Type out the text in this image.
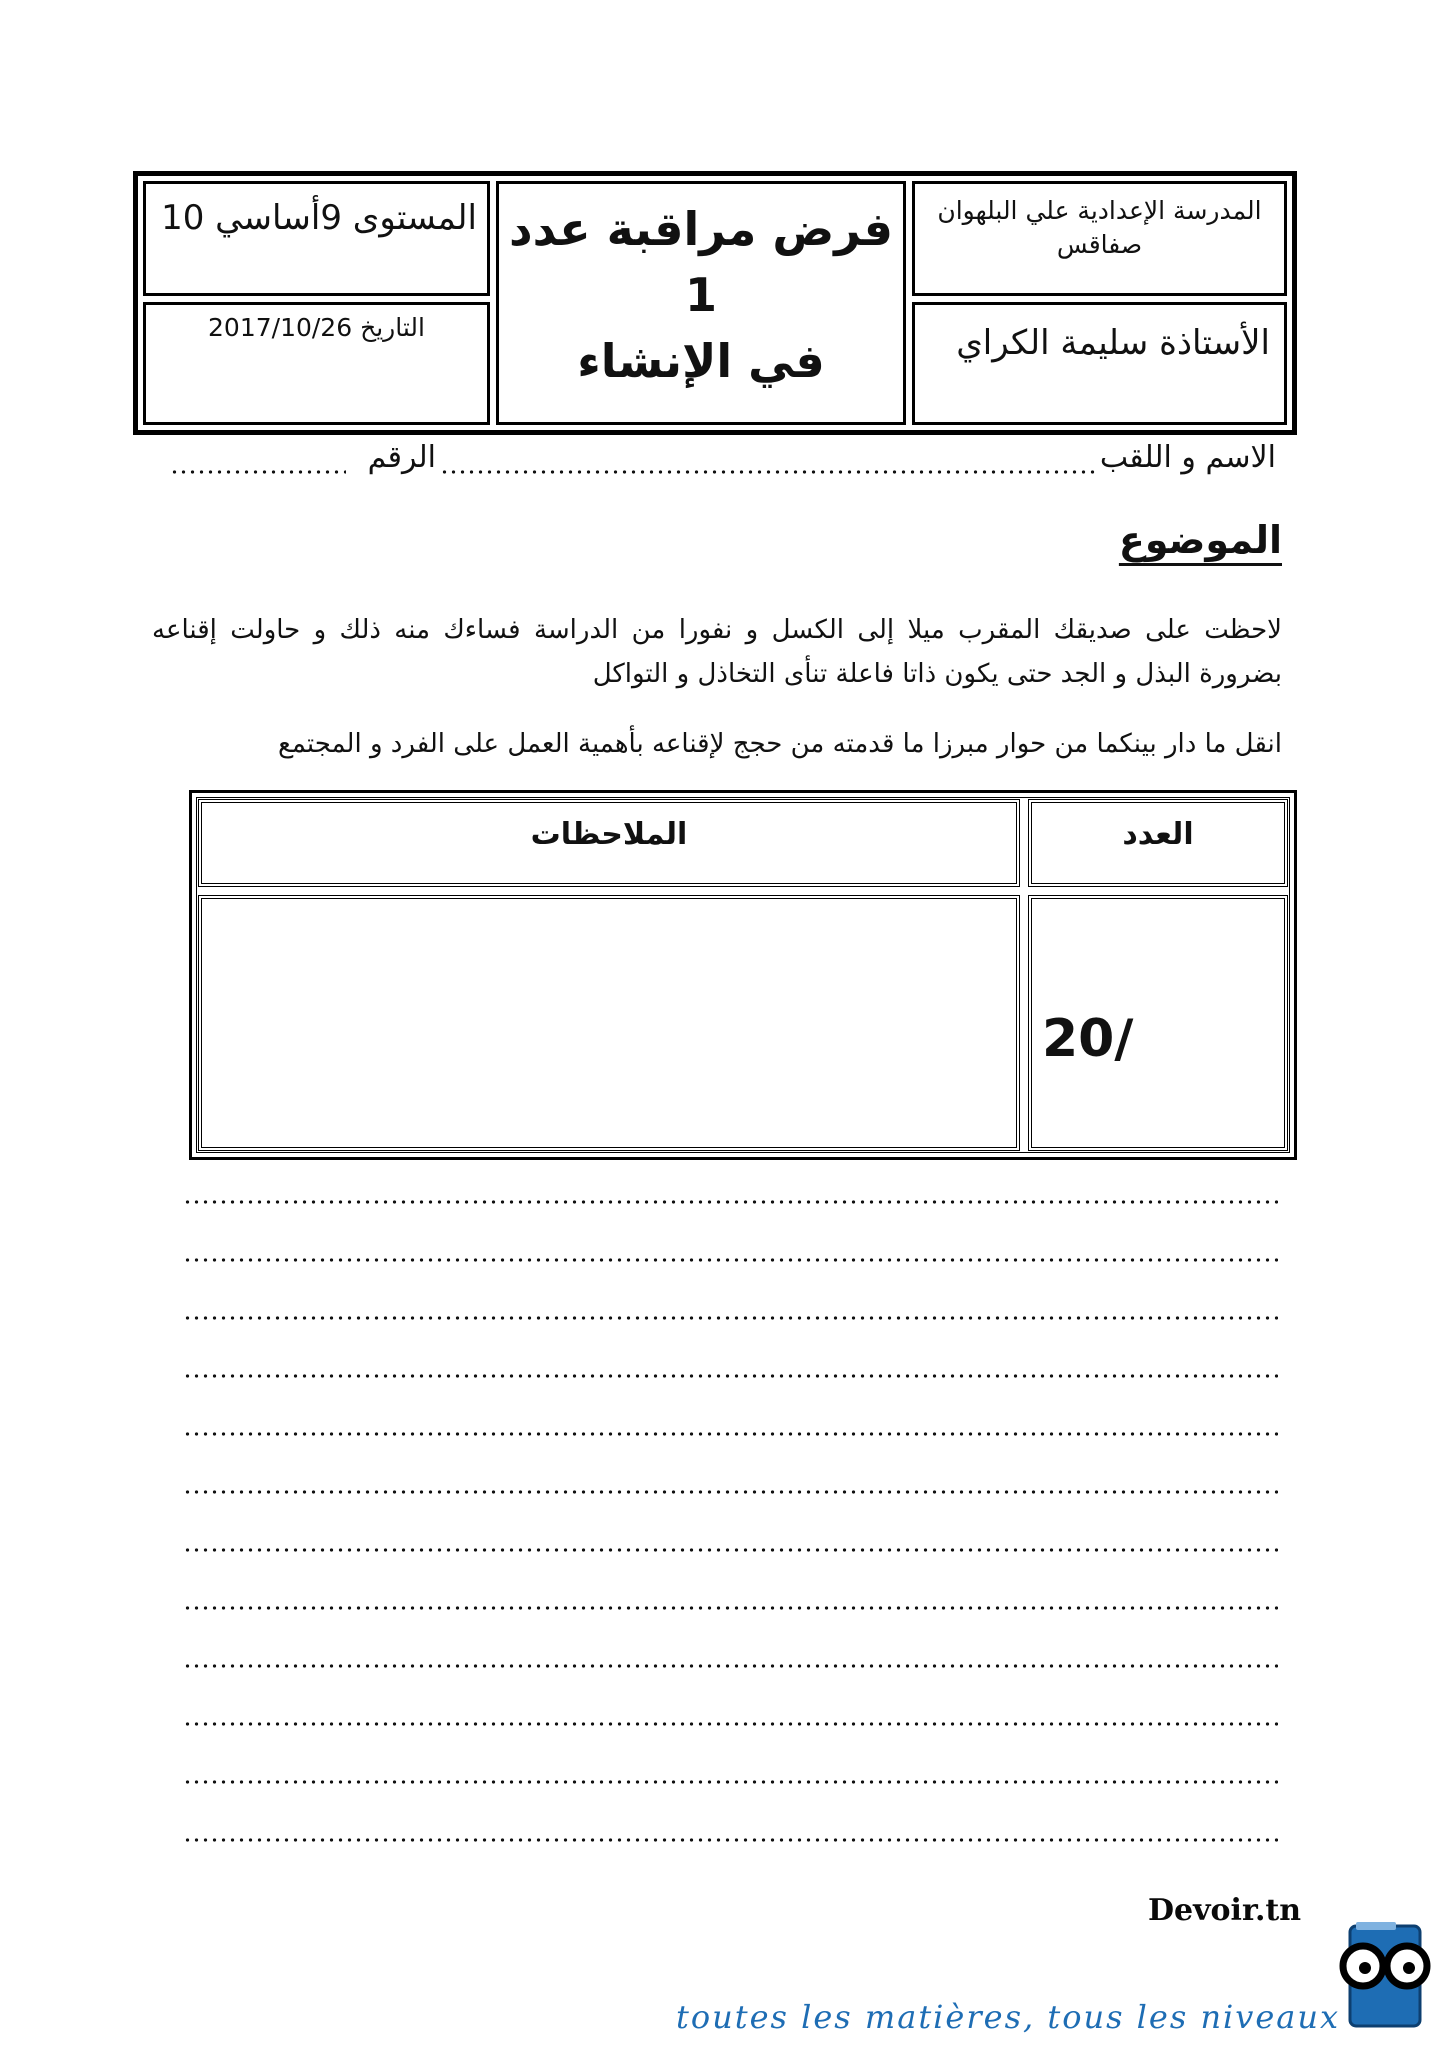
المدرسة الإعدادية علي البلهوان
صفاقس
الأستاذة سليمة الكراي
فرض مراقبة عدد 1
في الإنشاء
المستوى 9أساسي 10
التاريخ 2017/10/26
الاسم و اللقب
الرقم
الموضوع
لاحظت على صديقك المقرب ميلا إلى الكسل و نفورا من الدراسة فساءك منه ذلك و حاولت إقناعه بضرورة البذل و الجد حتى يكون ذاتا فاعلة تنأى التخاذل و التواكل
انقل ما دار بينكما من حوار مبرزا ما قدمته من حجج لإقناعه بأهمية العمل على الفرد و المجتمع
العدد
الملاحظات
20/
Devoir.tn
toutes les matières, tous les niveaux
